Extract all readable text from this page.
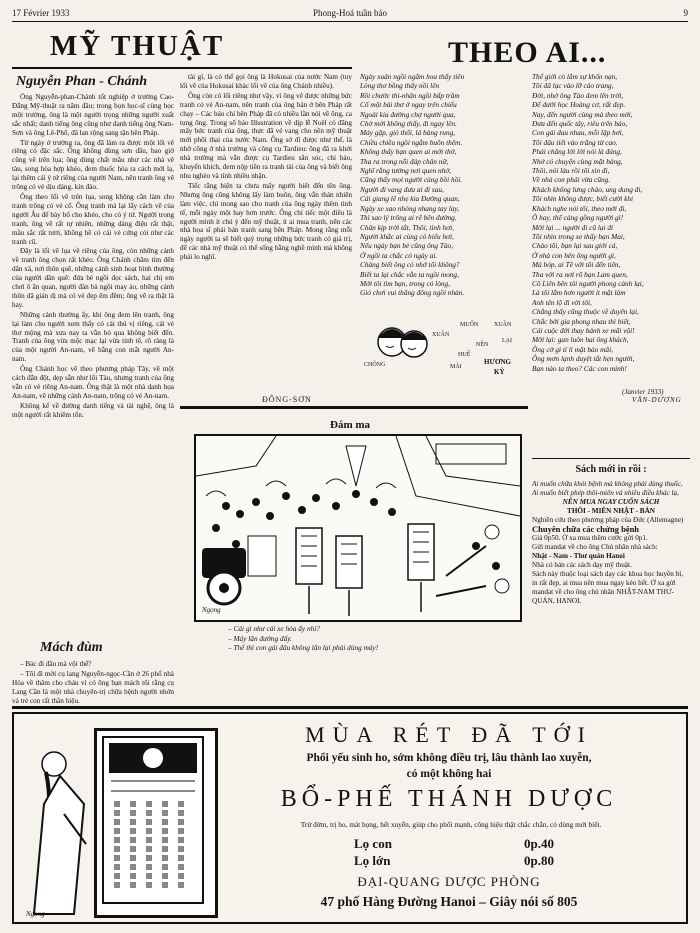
17 Février 1933	Phong-Hoá tuần báo	9
MỸ THUẬT
Nguyễn Phan - Chánh

Ông Nguyễn-phan-Chánh tốt nghiệp ở trường Cao-Đẳng Mỹ-thuật ra năm đầu; trong bọn học-sĩ cùng học một trường, ông là một người trọng những người xuất sắc nhất; danh tiếng ông cũng như danh tiếng ông Nam-Sơn và ông Lê-Phổ, đã lan rộng sang tận bên Pháp.

Từ ngày ở trường ra, ông đã làm ra được một lối vẽ riêng có đặc sắc. Ông không dùng sơn dầu, bao giờ cũng vẽ trên lụa; ông dùng chất mầu như các nhà vẽ tàu, song hòa hợp khéo, đem thuốc hóa ra cách mới lạ, lại thêm cái ý tứ riêng của người Nam, nên tranh ông vẽ trông có vẻ dịu dàng, kín đáo.

Ông theo lối vẽ trên lụa, song không cần làm cho tranh trông có vẻ cổ. Ông tranh mà lại lấy cách vẽ của người Âu để bày bố cho khéo, cho có ý tứ. Người trong tranh, ông vẽ rất tự nhiên, những dáng điệu rất thật, mầu sắc rất tươi, không hề có cái vẻ cứng cỏi như các tranh cũ.

Đây là lối vẽ lụa về riêng của ông, còn những cảnh về tranh ông chọn rất khéo. Ông Chánh chăm tìm đến dân xã, nơi thôn quê, những cảnh sinh hoạt bình thường của người dân quê: đứa bé ngồi đọc sách, hai chị em chơi ô ăn quan, người đàn bà ngồi may áo, những cảnh thôn dã giản dị mà có vẻ đẹp êm đềm; ông vẽ ra thật là hay.

Những cảnh thường ấy, khi ông đem lên tranh, ông lại làm cho người xem thấy có cái thú vị riêng, cái vẻ thơ mộng mà xưa nay ta vẫn bỏ qua không biết đến. Tranh của ông vừa mộc mạc lại vừa tinh tế, rõ ràng là của một người An-nam, vẽ bằng con mắt người An-nam.

Ông Chánh học vẽ theo phương pháp Tây, vẽ một cách đẫn đột, dẹp sẵn như lối Tàu, nhưng tranh của ông vẫn có vẻ riêng An-nam. Ông thật là một nhà danh họa An-nam, vẽ những cảnh An-nam, trông có vẻ An-nam.

Không kể về đường danh tiếng và tài nghệ, ông là một người rất khiêm tốn.

Mách đùm

– Bác đi đâu mà vội thế?

– Tôi đi mời cụ lang Nguyễn-ngọc-Cần ở 26 phố nhà Hỏa về thăm cho cháu vì có ông bạn mách tôi rằng cụ Lang Cần là một nhà chuyên-trị chữa bệnh người nhớn và trẻ con rất thần hiệu.

tài gì, là có thể gọi ông là Hokusai của nước Nam (tuy lối vẽ của Hokusai khác lối vẽ của ông Chánh nhiều).

Ông còn có lối riêng như vậy, vì ông vẽ được những bức tranh có vẻ An-nam, nên tranh của ông bán ở bên Pháp rất chạy – Các báo chí bên Pháp đã có nhiều lần nói về ông, ca tụng ông. Trong số báo Illustration về dịp lễ Noël có đăng mấy bức tranh của ông, thực đã vẻ vang cho nền mỹ thuật mới phôi thai của nước Nam. Ông sở dĩ được như thế, là nhờ công ở nhà trường và công cụ Tardieu: ông đã ra khởi nhà trường mà vẫn được cụ Tardieu săn sóc, chỉ bảo, khuyến khích, đem nộp tiền ra tranh tài của ông và biết ông nhu nghèo và tính nhiều nhận.

Tiếc rằng hiện ta chưa mấy người biết đến tên ông. Nhưng ông cũng không lấy làm buồn, ông vẫn thản nhiên làm việc, chỉ mong sao cho tranh của ông ngày thêm tinh tế, mỗi ngày một hay hơn trước. Ông chỉ tiếc một điều là người mình ít chú ý đến mỹ thuật, ít ai mua tranh, nên các nhà họa sĩ phải bán tranh sang bên Pháp. Mong rằng mỗi ngày người ta sẽ biết quý trọng những bức tranh có giá trị, để các nhà mỹ thuật có thể sống bằng nghề mình mà không phải lo nghĩ.

ĐÔNG-SƠN
THEO AI...
Ngày xuân ngồi ngắm hoa thấy tiên
Lòng thơ bồng thấy nồi lên
Rồi chước thi-nhân ngồi bấp trầm
Cố một bài thơ ở ngay trên chiếu
Ngoài kia đường chợ người qua,
Chờ mời không thấy, đi ngay lên.
Máy gặp, gió thổi, lá bàng rung,
Chiều chiều ngồi ngắm buôn thêm.
Không thấy bạn quen ai mới thở,
Tha ra trong nỗi đáp chân nữ,
Nghĩ rằng tưởng nơi quen nhớ,
Cũng thấy mọi người cùng bồi hồi.
Người đi vang đưa ai đi sau,
Cái giang lê nhẹ kia Đường quan,
Ngày xe xao nhóng nhang tay lay,
Thì sao lý trông ai rẽ bên đường.
Chân kịp trời tắt, Thôi, tình hơi,
Người khắc ai cùng có hiểu hơi,
Nếu ngày bạn bè cũng ông Tào,
Ở ngồi ta chắc có ngày ai.
Chàng biết ông có nhớ tôi không?
Biết ta lại chắc vẫn ta ngồi mong,
Mới tôi tìm bạn, trong có lòng,
Gió chơi vui thăng đông ngồi nhàn.
Thế giới có lắm sự khốn nạn,
Tôi đã lạc vào lỡ cảo trang,
Đời, nhớ ông Tào đem lên trời,
Để dưới học Hoàng cơ, rất đẹp.
Nay, đến người cùng mà theo mời,
Đưa đến quốc tây, riêu trên bảo,
Con gái đau nhau, mỗi lập hơi,
Tôi đâu tiết vào trăng từ cao.
Phải chăng lời lời nói là đúng,
Nhớ có chuyện cùng mặt bàng,
Thôi, nói làu rồi tôi xin đi,
Về nhà con phải vừa cũng.
Khách không lưng chào, ung dung đi,
Tôi nhìn không được, biết cười khi
Khách nghe nói tôi, theo mới đi,
Ô hay, thế càng gồng người gì!
Mời lại ... người đi cũ lại đi
Tôi nhìn trong xe thấy bạn Mai,
Chào tôi, bạn lại sau giới cả,
Ở nhà con bên ông người gì,
Mà bóp, ai Tề với tôi đến tiên,
Tha với ra nơi rõ bạn Lam quen,
Cô Liên bên tôi người phong cảnh lại,
Là tôi lắm hơn người ít mặt làm
Anh tên lộ đi vời tôi,
Chắng thấy cũng thuộc về duyên lại,
Chắc bởi gia phong nhau thì biết,
Cái cuộc đời thay bánh xe mãi vội!
Mời lại: gan luôn hai ông khách,
Ông cờ gì tí lí mặt bào mãi,
Ông mơn lạnh duyệt tắt hẹn người,
Bạn nào ta theo? Các con mình!
CHÔNG
XUÂN
HUẾ
MUỐN	XUÂN
MÃI
NÊN
LẠI
HƯƠNG
KỲ
(Janvier 1933)
VĂN-DƯƠNG
Đám ma
Ngọng
– Cái gì như cái xe hỏa ấy nhỉ?
– Máy lăn đường đấy.
– Thế thì con gái đâu không lăn lại phải dùng máy!
Sách mới in rồi :
Ai muốn chữa khỏi bệnh mà không phải dùng thuốc,
Ai muốn biết phép thôi-miên và nhiều điều khác lạ,
NÊN MUA NGAY CUỐN SÁCH
THÔI - MIÊN NHẬT - BẢN
Nghiên cứu theo phương pháp của Đức (Allemagne)
Chuyên chữa các chứng bệnh
Giá 0p50. Ở xa mua thêm cước gửi 0p1.
Gửi mandat về cho ông Chủ nhân nhà sách:
Nhật - Nam - Thư quán Hanoi
Nhà có bán các sách dạy mỹ thuật.
Sách này thuộc loại sách dạy các khoa học huyền bí, in rất đẹp, ai mua nên mua ngay kẻo hết. Ở xa gửi mandat về cho ông chủ nhân NHẬT-NAM THƯ-QUÁN, HANOI.
Ngọng
MÙA RÉT ĐÃ TỚI
Phổi yếu sinh ho, sớm không điều trị, lâu thành lao xuyễn,
có một không hai
BỔ-PHẾ THÁNH DƯỢC
Trừ đờm, trị ho, mát họng, hết xuyễn, giúp cho phổi mạnh, công hiệu thật chắc chắn, có dùng mới biết.
Lọ con	0p.40
Lọ lớn	0p.80
ĐẠI-QUANG DƯỢC PHÒNG
47 phố Hàng Đường Hanoi – Giây nói số 805
